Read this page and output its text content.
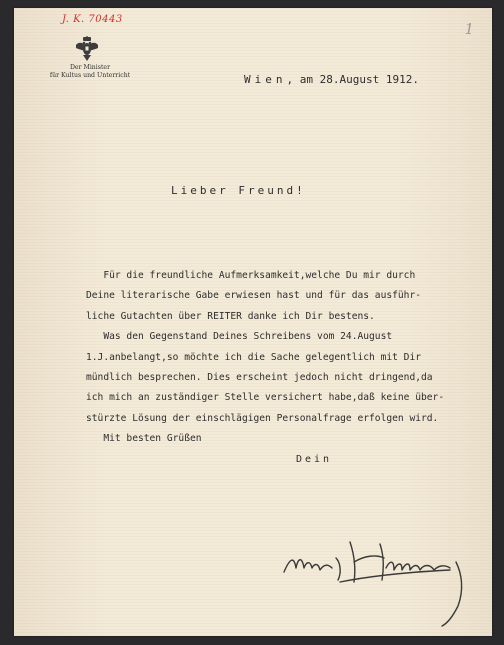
J. K. 70443
1
Der Minister
für Kultus und Unterricht	Wien, am 28.August 1912.
Lieber Freund!
Für die freundliche Aufmerksamkeit,welche Du mir durch
Deine literarische Gabe erwiesen hast und für das ausführ-
liche Gutachten über REITER danke ich Dir bestens.
Was den Gegenstand Deines Schreibens vom 24.August
1.J.anbelangt,so möchte ich die Sache gelegentlich mit Dir
mündlich besprechen. Dies erscheint jedoch nicht dringend,da
ich mich an zuständiger Stelle versichert habe,daß keine über-
stürzte Lösung der einschlägigen Personalfrage erfolgen wird.
Mit besten Grüßen
Dein
